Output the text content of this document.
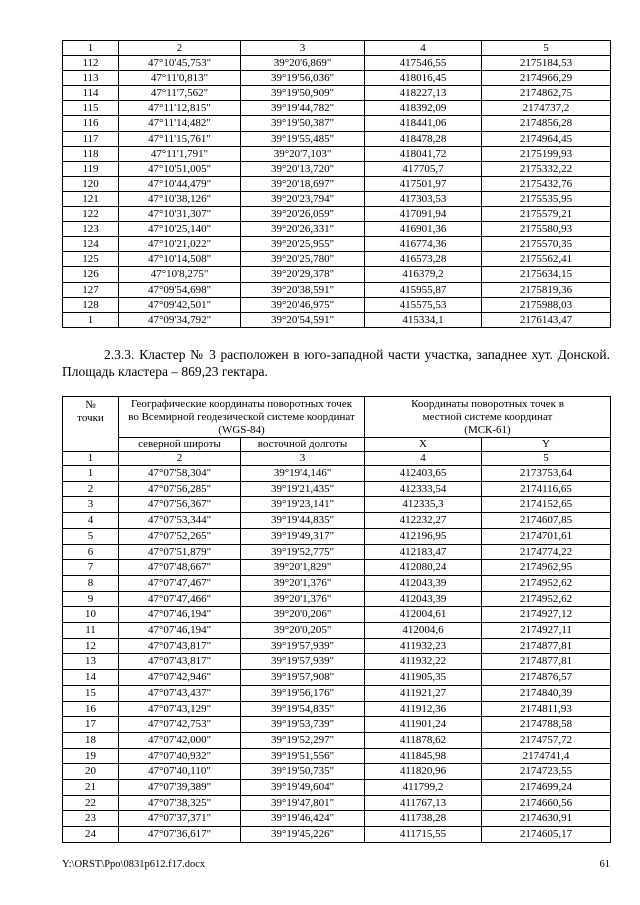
1	2	3	4	5
112	47°10'45,753"	39°20'6,869"	417546,55	2175184,53
113	47°11'0,813"	39°19'56,036"	418016,45	2174966,29
114	47°11'7,562"	39°19'50,909"	418227,13	2174862,75
115	47°11'12,815"	39°19'44,782"	418392,09	2174737,2
116	47°11'14,482"	39°19'50,387"	418441,06	2174856,28
117	47°11'15,761"	39°19'55,485"	418478,28	2174964,45
118	47°11'1,791"	39°20'7,103"	418041,72	2175199,93
119	47°10'51,005"	39°20'13,720"	417705,7	2175332,22
120	47°10'44,479"	39°20'18,697"	417501,97	2175432,76
121	47°10'38,126"	39°20'23,794"	417303,53	2175535,95
122	47°10'31,307"	39°20'26,059"	417091,94	2175579,21
123	47°10'25,140"	39°20'26,331"	416901,36	2175580,93
124	47°10'21,022"	39°20'25,955"	416774,36	2175570,35
125	47°10'14,508"	39°20'25,780"	416573,28	2175562,41
126	47°10'8,275"	39°20'29,378"	416379,2	2175634,15
127	47°09'54,698"	39°20'38,591"	415955,87	2175819,36
128	47°09'42,501"	39°20'46,975"	415575,53	2175988,03
1	47°09'34,792"	39°20'54,591"	415334,1	2176143,47

2.3.3. Кластер № 3 расположен в юго-западной части участка, западнее хут. Донской. Площадь кластера – 869,23 гектара.

№ точки	Географические координаты поворотных точек во Всемирной геодезической системе координат (WGS-84)		Координаты поворотных точек в местной системе координат (МСК-61)	
	северной широты	восточной долготы	X	Y
1	2	3	4	5
1	47°07'58,304"	39°19'4,146"	412403,65	2173753,64
2	47°07'56,285"	39°19'21,435"	412333,54	2174116,65
3	47°07'56,367"	39°19'23,141"	412335,3	2174152,65
4	47°07'53,344"	39°19'44,835"	412232,27	2174607,85
5	47°07'52,265"	39°19'49,317"	412196,95	2174701,61
6	47°07'51,879"	39°19'52,775"	412183,47	2174774,22
7	47°07'48,667"	39°20'1,829"	412080,24	2174962,95
8	47°07'47,467"	39°20'1,376"	412043,39	2174952,62
9	47°07'47,466"	39°20'1,376"	412043,39	2174952,62
10	47°07'46,194"	39°20'0,206"	412004,61	2174927,12
11	47°07'46,194"	39°20'0,205"	412004,6	2174927,11
12	47°07'43,817"	39°19'57,939"	411932,23	2174877,81
13	47°07'43,817"	39°19'57,939"	411932,22	2174877,81
14	47°07'42,946"	39°19'57,908"	411905,35	2174876,57
15	47°07'43,437"	39°19'56,176"	411921,27	2174840,39
16	47°07'43,129"	39°19'54,835"	411912,36	2174811,93
17	47°07'42,753"	39°19'53,739"	411901,24	2174788,58
18	47°07'42,000"	39°19'52,297"	411878,62	2174757,72
19	47°07'40,932"	39°19'51,556"	411845,98	2174741,4
20	47°07'40,110"	39°19'50,735"	411820,96	2174723,55
21	47°07'39,389"	39°19'49,604"	411799,2	2174699,24
22	47°07'38,325"	39°19'47,801"	411767,13	2174660,56
23	47°07'37,371"	39°19'46,424"	411738,28	2174630,91
24	47°07'36,617"	39°19'45,226"	411715,55	2174605,17
Y:\ORST\Ppo\0831p612.f17.docx	61
